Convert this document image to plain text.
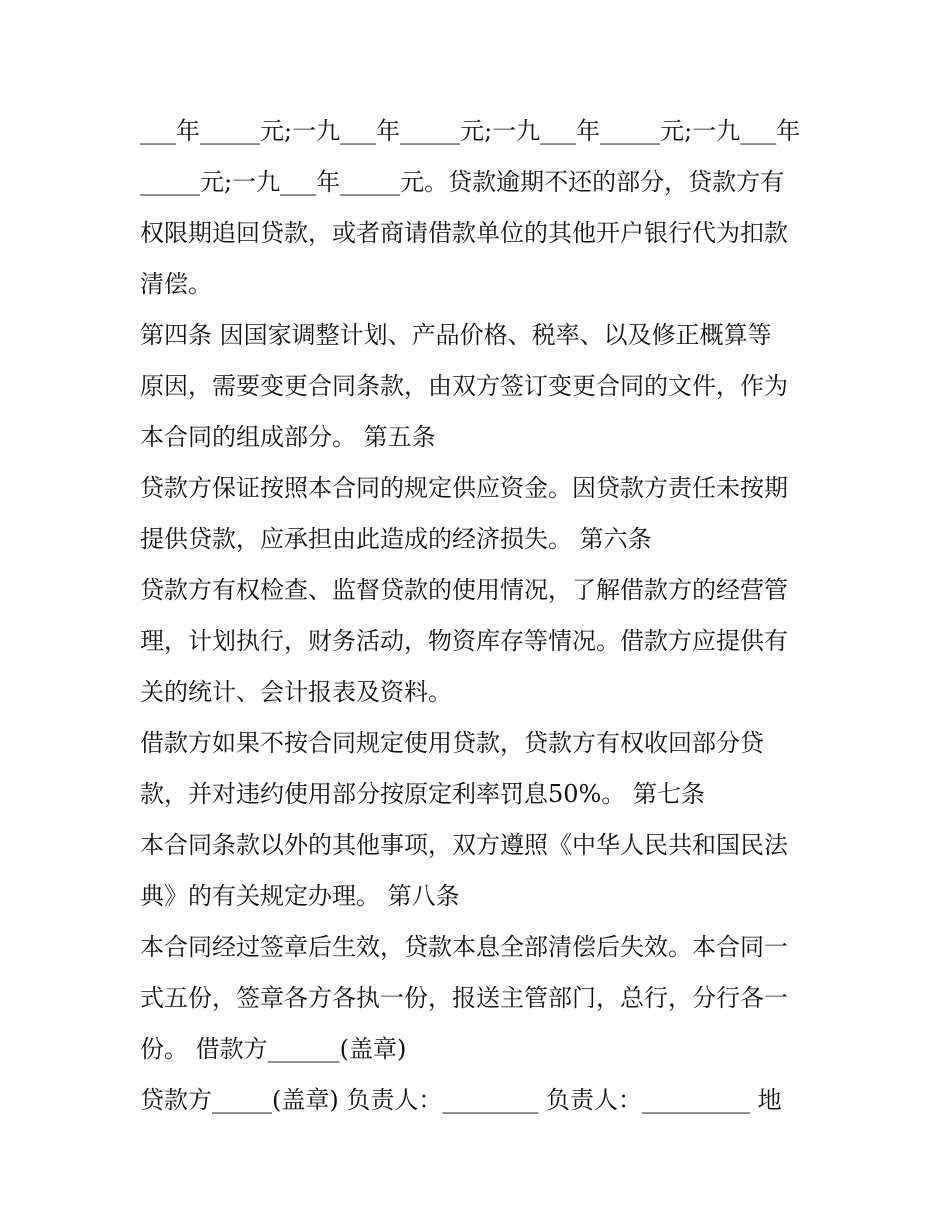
___年_____元;一九___年_____元;一九___年_____元;一九___年
_____元;一九___年_____元。贷款逾期不还的部分，贷款方有
权限期追回贷款，或者商请借款单位的其他开户银行代为扣款
清偿。
第四条 因国家调整计划、产品价格、税率、以及修正概算等
原因，需要变更合同条款，由双方签订变更合同的文件，作为
本合同的组成部分。 第五条
贷款方保证按照本合同的规定供应资金。因贷款方责任未按期
提供贷款，应承担由此造成的经济损失。 第六条
贷款方有权检查、监督贷款的使用情况，了解借款方的经营管
理，计划执行，财务活动，物资库存等情况。借款方应提供有
关的统计、会计报表及资料。
借款方如果不按合同规定使用贷款，贷款方有权收回部分贷
款，并对违约使用部分按原定利率罚息50%。 第七条
本合同条款以外的其他事项，双方遵照《中华人民共和国民法
典》的有关规定办理。 第八条
本合同经过签章后生效，贷款本息全部清偿后失效。本合同一
式五份，签章各方各执一份，报送主管部门，总行，分行各一
份。 借款方______(盖章)
贷款方_____(盖章) 负责人：________ 负责人：_________ 地
